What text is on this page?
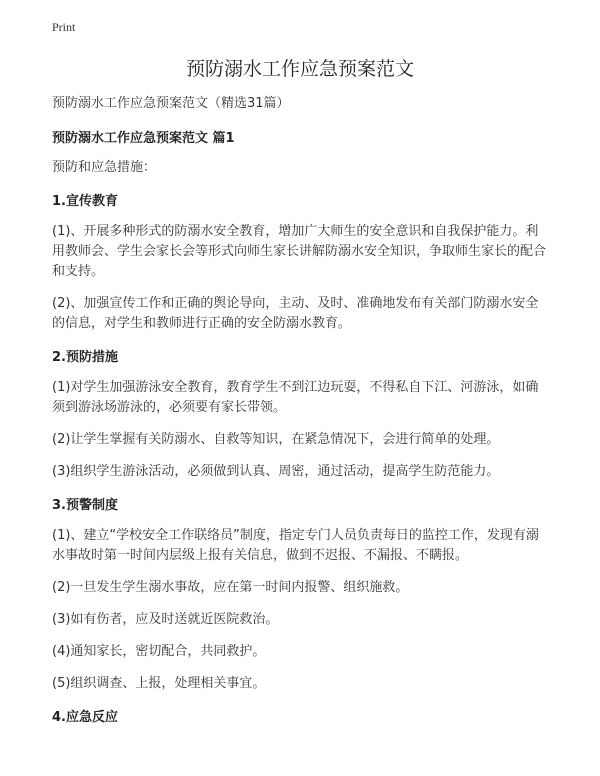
Print
预防溺水工作应急预案范文

预防溺水工作应急预案范文（精选31篇）

预防溺水工作应急预案范文 篇1

预防和应急措施：

1.宣传教育

(1)、开展多种形式的防溺水安全教育，增加广大师生的安全意识和自我保护能力。利用教师会、学生会家长会等形式向师生家长讲解防溺水安全知识，争取师生家长的配合和支持。

(2)、加强宣传工作和正确的舆论导向，主动、及时、准确地发布有关部门防溺水安全的信息，对学生和教师进行正确的安全防溺水教育。

2.预防措施

(1)对学生加强游泳安全教育，教育学生不到江边玩耍，不得私自下江、河游泳，如确须到游泳场游泳的，必须要有家长带领。

(2)让学生掌握有关防溺水、自救等知识，在紧急情况下，会进行简单的处理。

(3)组织学生游泳活动，必须做到认真、周密，通过活动，提高学生防范能力。

3.预警制度

(1)、建立“学校安全工作联络员”制度，指定专门人员负责每日的监控工作，发现有溺水事故时第一时间内层级上报有关信息，做到不迟报、不漏报、不瞒报。

(2)一旦发生学生溺水事故，应在第一时间内报警、组织施救。

(3)如有伤者，应及时送就近医院救治。

(4)通知家长，密切配合，共同救护。

(5)组织调查、上报，处理相关事宜。

4.应急反应
